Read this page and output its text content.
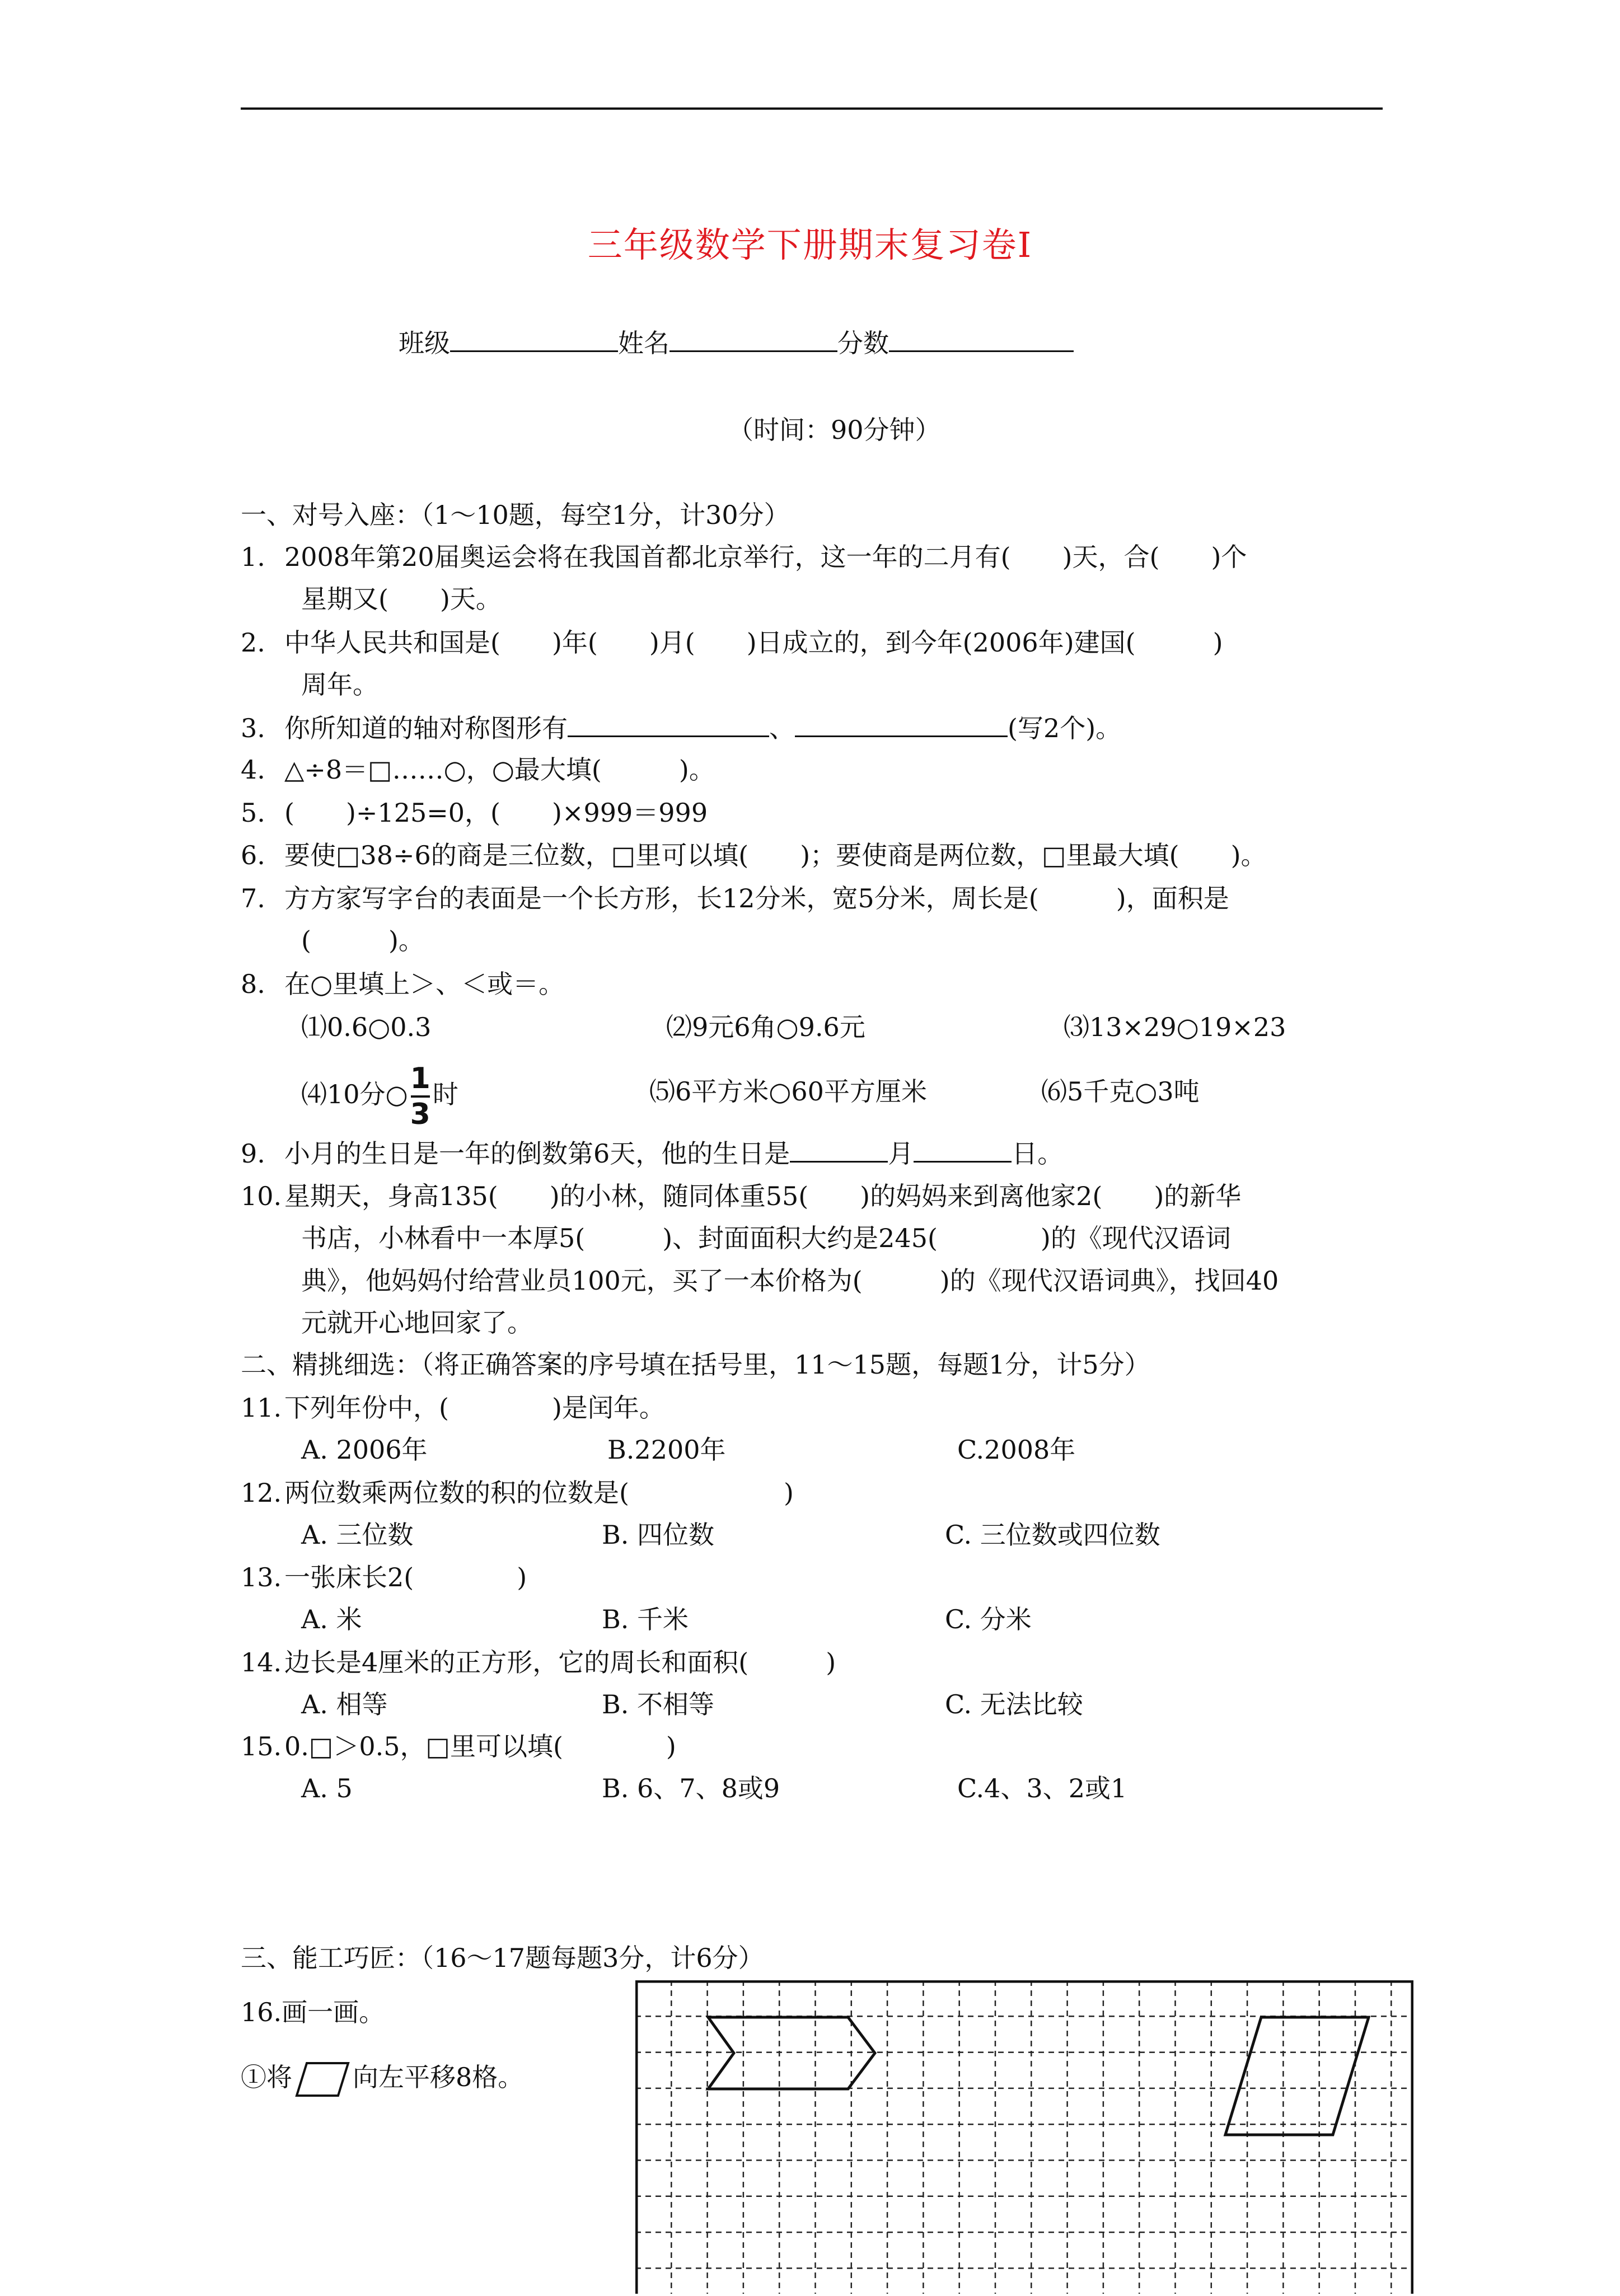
三年级数学下册期末复习卷Ⅰ
班级	姓名	分数
（时间：90分钟）
一、对号入座：（1～10题，每空1分，计30分）
1. 2008年第20届奥运会将在我国首都北京举行，这一年的二月有(　　)天，合(　　)个
星期又(　　)天。
2. 中华人民共和国是(　　)年(　　)月(　　)日成立的，到今年(2006年)建国(　　　)
周年。
3. 你所知道的轴对称图形有	、	(写2个)。
4. △÷8＝□……○，○最大填(　　　)。
5. (　　)÷125=0，(　　)×999＝999
6. 要使□38÷6的商是三位数，□里可以填(　　)；要使商是两位数，□里最大填(　　)。
7. 方方家写字台的表面是一个长方形，长12分米，宽5分米，周长是(　　　)，面积是
(　　　)。
8. 在○里填上＞、＜或＝。
⑴0.6○0.3	⑵9元6角○9.6元	⑶13×29○19×23
⑷10分○ $\frac{1}{3}$ 时	⑸6平方米○60平方厘米	⑹5千克○3吨
9. 小月的生日是一年的倒数第6天，他的生日是	月	日。
10. 星期天，身高135(　　)的小林，随同体重55(　　)的妈妈来到离他家2(　　)的新华
书店，小林看中一本厚5(　　　)、封面面积大约是245(　　　　)的《现代汉语词
典》，他妈妈付给营业员100元，买了一本价格为(　　　)的《现代汉语词典》，找回40
元就开心地回家了。
二、精挑细选：（将正确答案的序号填在括号里，11～15题，每题1分，计5分）
11. 下列年份中，(　　　　)是闰年。
A. 2006年	B.2200年	C.2008年
12. 两位数乘两位数的积的位数是(　　　　　　)
A. 三位数	B. 四位数	C. 三位数或四位数
13. 一张床长2(　　　　)
A. 米	B. 千米	C. 分米
14. 边长是4厘米的正方形，它的周长和面积(　　　)
A. 相等	B. 不相等	C. 无法比较
15. 0.□＞0.5，□里可以填(　　　　)
A. 5	B. 6、7、8或9	C.4、3、2或1
三、能工巧匠：（16～17题每题3分，计6分）
16.画一画。
①将 向左平移8格。
